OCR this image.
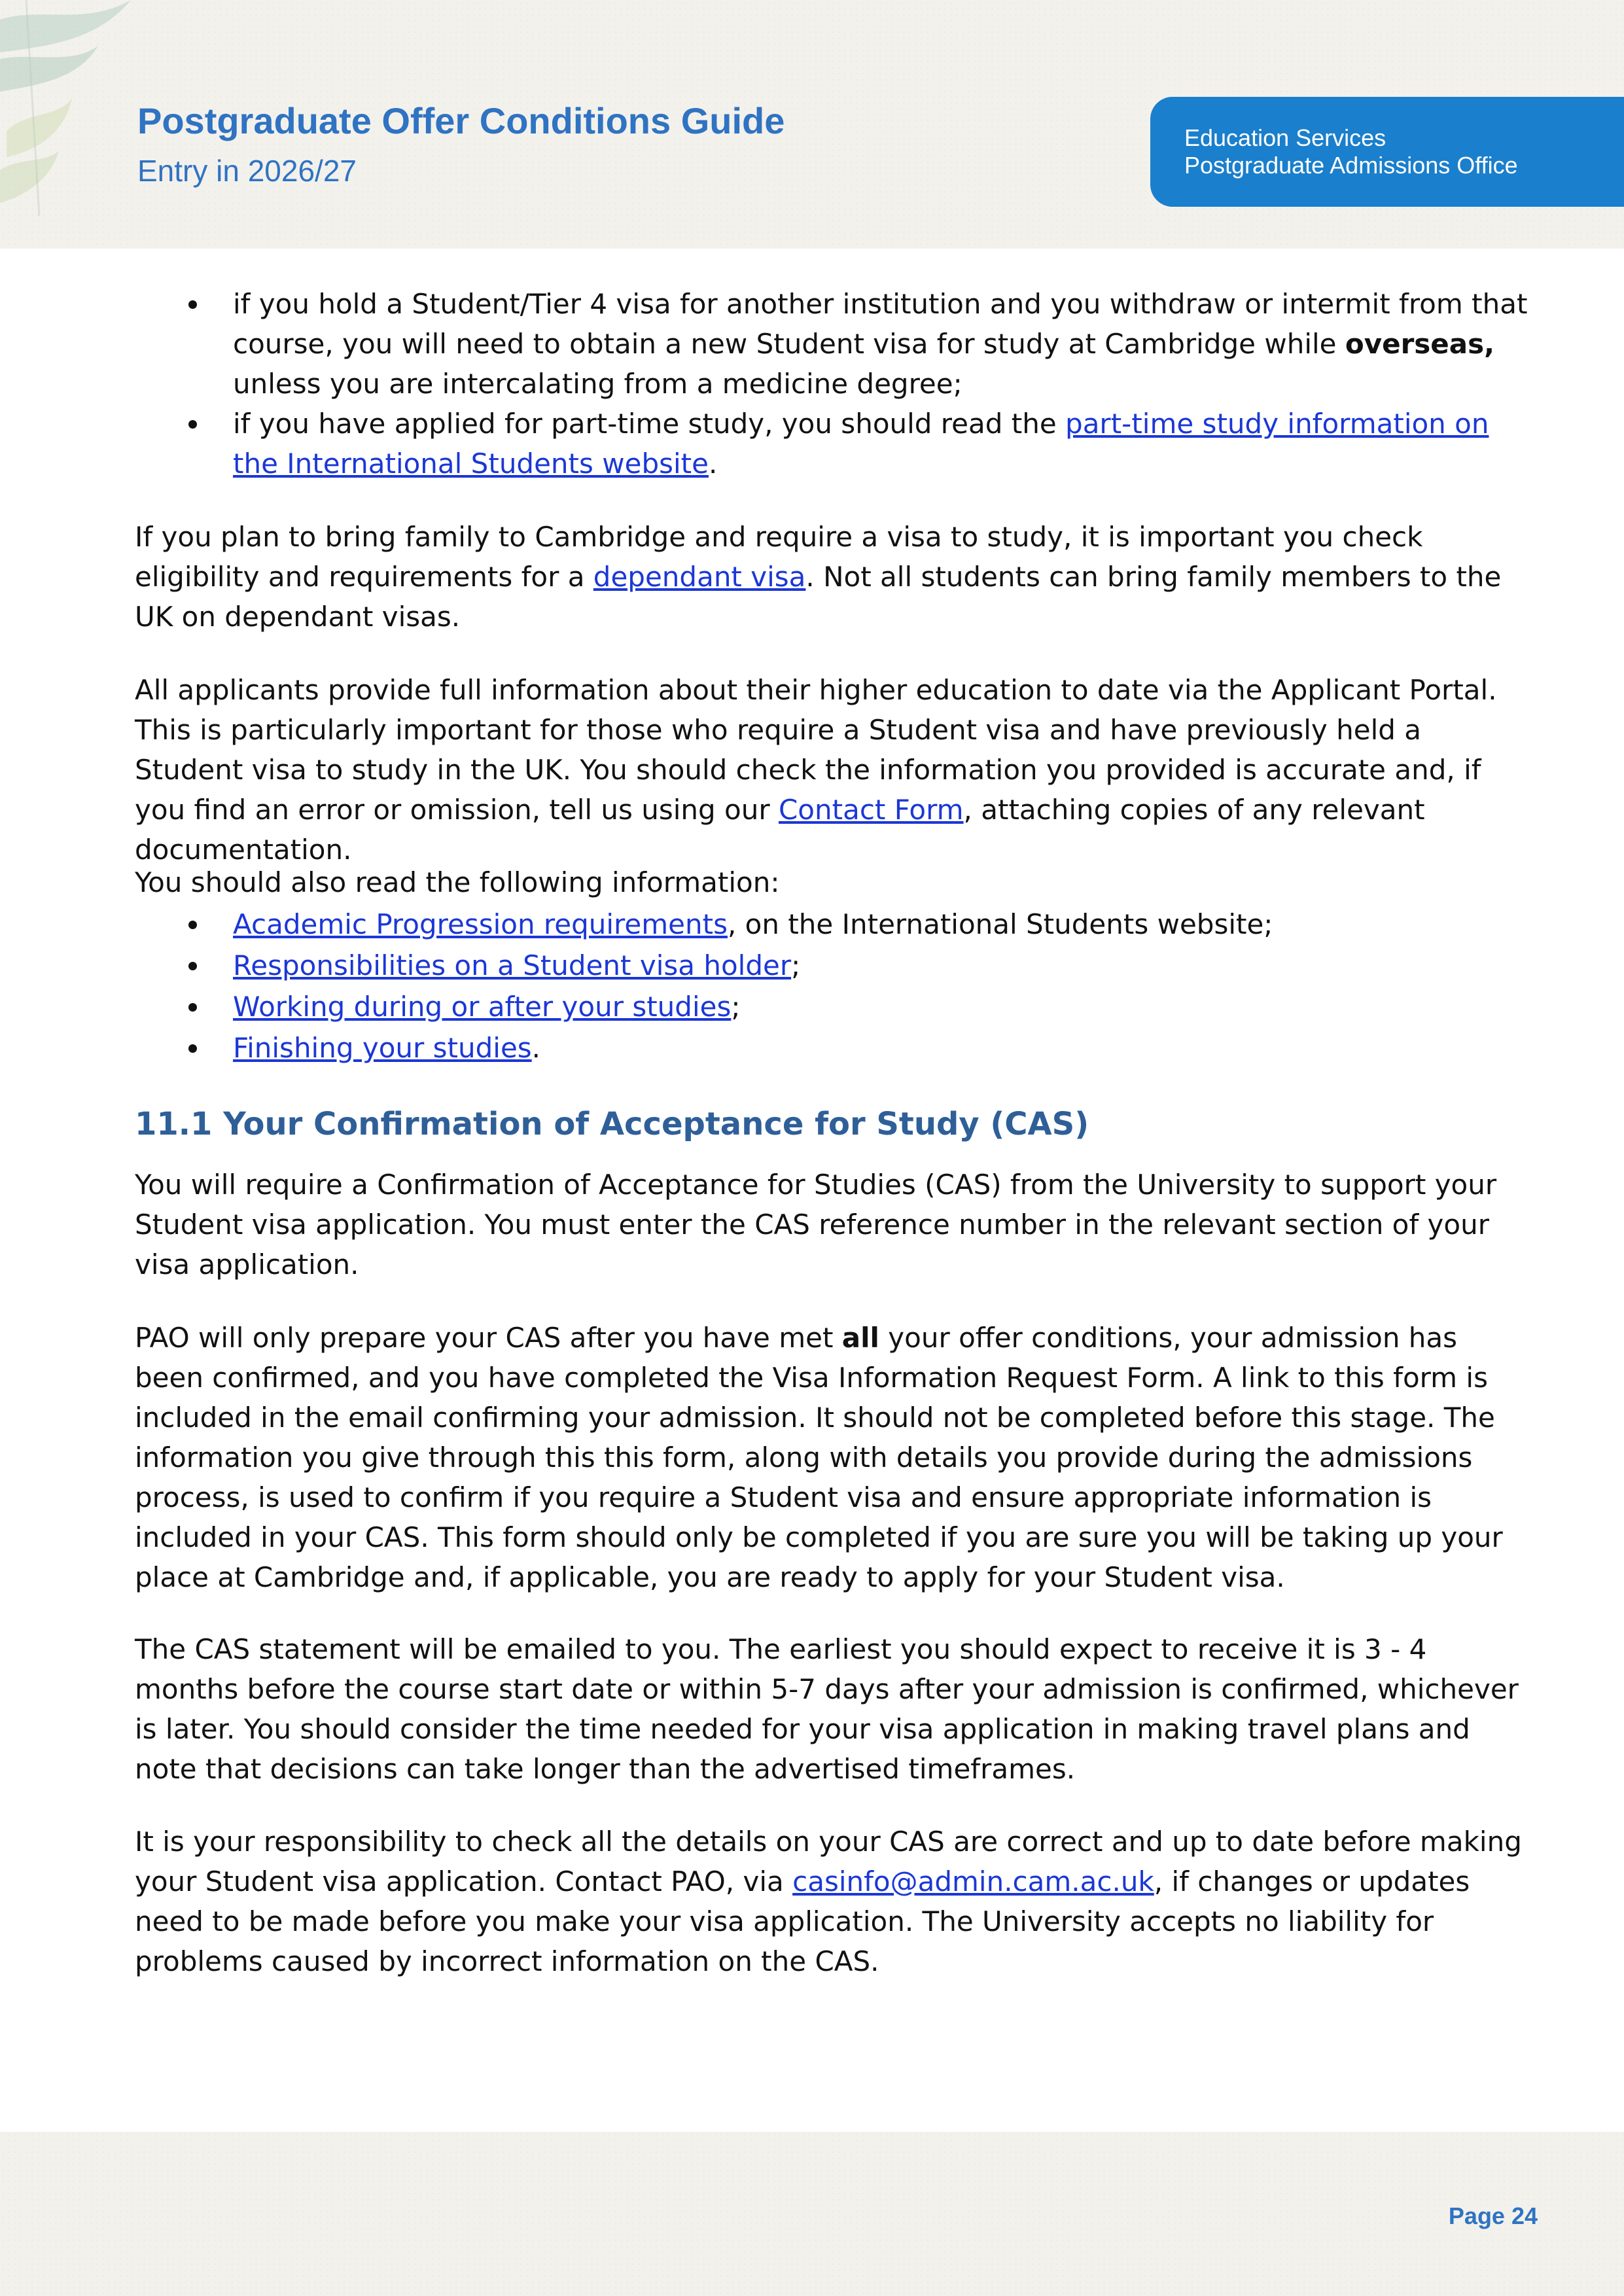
Postgraduate Offer Conditions Guide
Entry in 2026/27
Education Services
Postgraduate Admissions Office

if you hold a Student/Tier 4 visa for another institution and you withdraw or intermit from that course, you will need to obtain a new Student visa for study at Cambridge while overseas, unless you are intercalating from a medicine degree;

if you have applied for part-time study, you should read the part-time study information on the International Students website.

If you plan to bring family to Cambridge and require a visa to study, it is important you check eligibility and requirements for a dependant visa. Not all students can bring family members to the UK on dependant visas.

All applicants provide full information about their higher education to date via the Applicant Portal. This is particularly important for those who require a Student visa and have previously held a Student visa to study in the UK. You should check the information you provided is accurate and, if you find an error or omission, tell us using our Contact Form, attaching copies of any relevant documentation.

You should also read the following information:

Academic Progression requirements, on the International Students website;

Responsibilities on a Student visa holder;

Working during or after your studies;

Finishing your studies.

11.1 Your Confirmation of Acceptance for Study (CAS)

You will require a Confirmation of Acceptance for Studies (CAS) from the University to support your Student visa application. You must enter the CAS reference number in the relevant section of your visa application.

PAO will only prepare your CAS after you have met all your offer conditions, your admission has been confirmed, and you have completed the Visa Information Request Form. A link to this form is included in the email confirming your admission. It should not be completed before this stage. The information you give through this this form, along with details you provide during the admissions process, is used to confirm if you require a Student visa and ensure appropriate information is included in your CAS. This form should only be completed if you are sure you will be taking up your place at Cambridge and, if applicable, you are ready to apply for your Student visa.

The CAS statement will be emailed to you. The earliest you should expect to receive it is 3 - 4 months before the course start date or within 5-7 days after your admission is confirmed, whichever is later. You should consider the time needed for your visa application in making travel plans and note that decisions can take longer than the advertised timeframes.

It is your responsibility to check all the details on your CAS are correct and up to date before making your Student visa application. Contact PAO, via casinfo@admin.cam.ac.uk, if changes or updates need to be made before you make your visa application. The University accepts no liability for problems caused by incorrect information on the CAS.

Page 24
